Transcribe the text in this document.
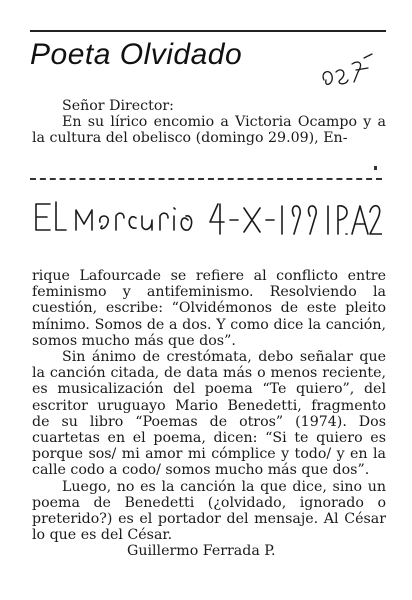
Poeta Olvidado

Señor Director:

En su lírico encomio a Victoria Ocampo y a la cultura del obelisco (domingo 29.09), En-

rique Lafourcade se refiere al conflicto entre feminismo y antifeminismo. Resolviendo la cuestión, escribe: “Olvidémonos de este pleito mínimo. Somos de a dos. Y como dice la canción, somos mucho más que dos”.

Sin ánimo de crestómata, debo señalar que la canción citada, de data más o menos reciente, es musicalización del poema “Te quiero”, del escritor uruguayo Mario Benedetti, fragmento de su libro “Poemas de otros” (1974). Dos cuartetas en el poema, dicen: “Si te quiero es porque sos/ mi amor mi cómplice y todo/ y en la calle codo a codo/ somos mucho más que dos”.

Luego, no es la canción la que dice, sino un poema de Benedetti (¿olvidado, ignorado o preterido?) es el portador del mensaje. Al César lo que es del César.

Guillermo Ferrada P.
